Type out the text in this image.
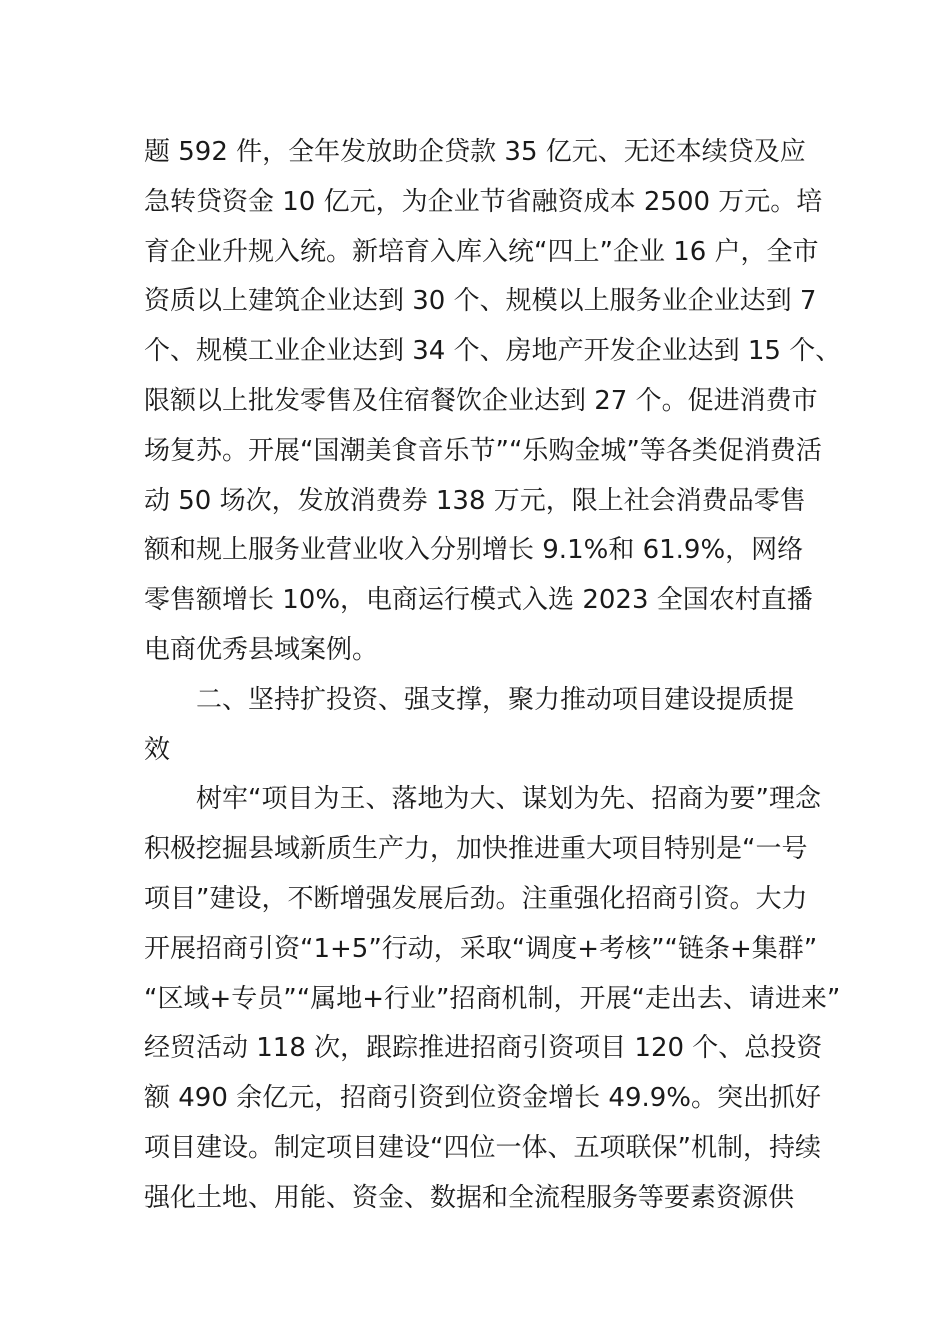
题 592 件，全年发放助企贷款 35 亿元、无还本续贷及应
急转贷资金 10 亿元，为企业节省融资成本 2500 万元。培
育企业升规入统。新培育入库入统“四上”企业 16 户，全市
资质以上建筑企业达到 30 个、规模以上服务业企业达到 7
个、规模工业企业达到 34 个、房地产开发企业达到 15 个、
限额以上批发零售及住宿餐饮企业达到 27 个。促进消费市
场复苏。开展“国潮美食音乐节”“乐购金城”等各类促消费活
动 50 场次，发放消费券 138 万元，限上社会消费品零售
额和规上服务业营业收入分别增长 9.1%和 61.9%，网络
零售额增长 10%，电商运行模式入选 2023 全国农村直播
电商优秀县域案例。
二、坚持扩投资、强支撑，聚力推动项目建设提质提
效
树牢“项目为王、落地为大、谋划为先、招商为要”理念
积极挖掘县域新质生产力，加快推进重大项目特别是“一号
项目”建设，不断增强发展后劲。注重强化招商引资。大力
开展招商引资“1+5”行动，采取“调度+考核”“链条+集群”
“区域+专员”“属地+行业”招商机制，开展“走出去、请进来”
经贸活动 118 次，跟踪推进招商引资项目 120 个、总投资
额 490 余亿元，招商引资到位资金增长 49.9%。突出抓好
项目建设。制定项目建设“四位一体、五项联保”机制，持续
强化土地、用能、资金、数据和全流程服务等要素资源供
